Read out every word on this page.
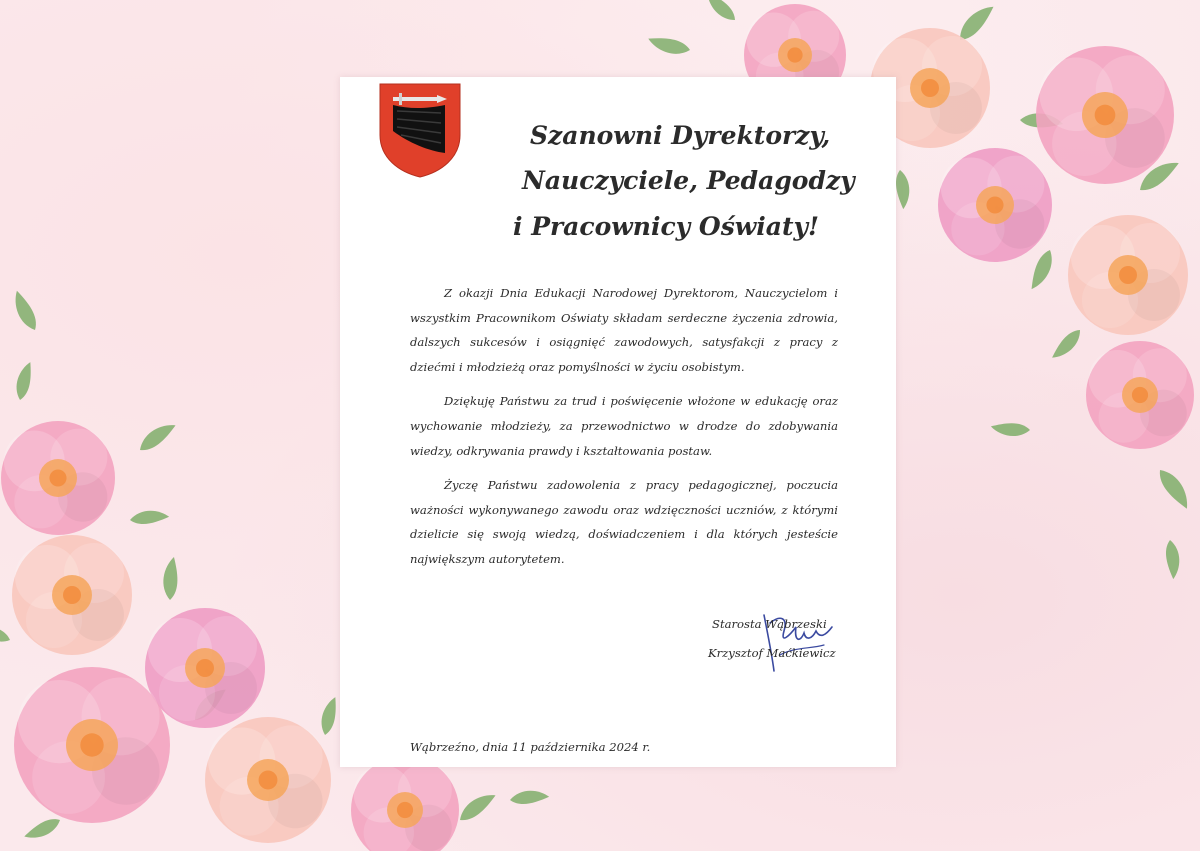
Szanowni Dyrektorzy,
Nauczyciele, Pedagodzy
i Pracownicy Oświaty!

Z okazji Dnia Edukacji Narodowej Dyrektorom, Nauczycielom i wszystkim Pracownikom Oświaty składam serdeczne życzenia zdrowia, dalszych sukcesów i osiągnięć zawodowych, satysfakcji z pracy z dziećmi i młodzieżą oraz pomyślności w życiu osobistym.

Dziękuję Państwu za trud i poświęcenie włożone w edukację oraz wychowanie młodzieży, za przewodnictwo w drodze do zdobywania wiedzy, odkrywania prawdy i kształtowania postaw.

Życzę Państwu zadowolenia z pracy pedagogicznej, poczucia ważności wykonywanego zawodu oraz wdzięczności uczniów, z którymi dzielicie się swoją wiedzą, doświadczeniem i dla których jesteście największym autorytetem.

Starosta Wąbrzeski
Krzysztof Maćkiewicz
Wąbrzeźno, dnia 11 października 2024 r.
